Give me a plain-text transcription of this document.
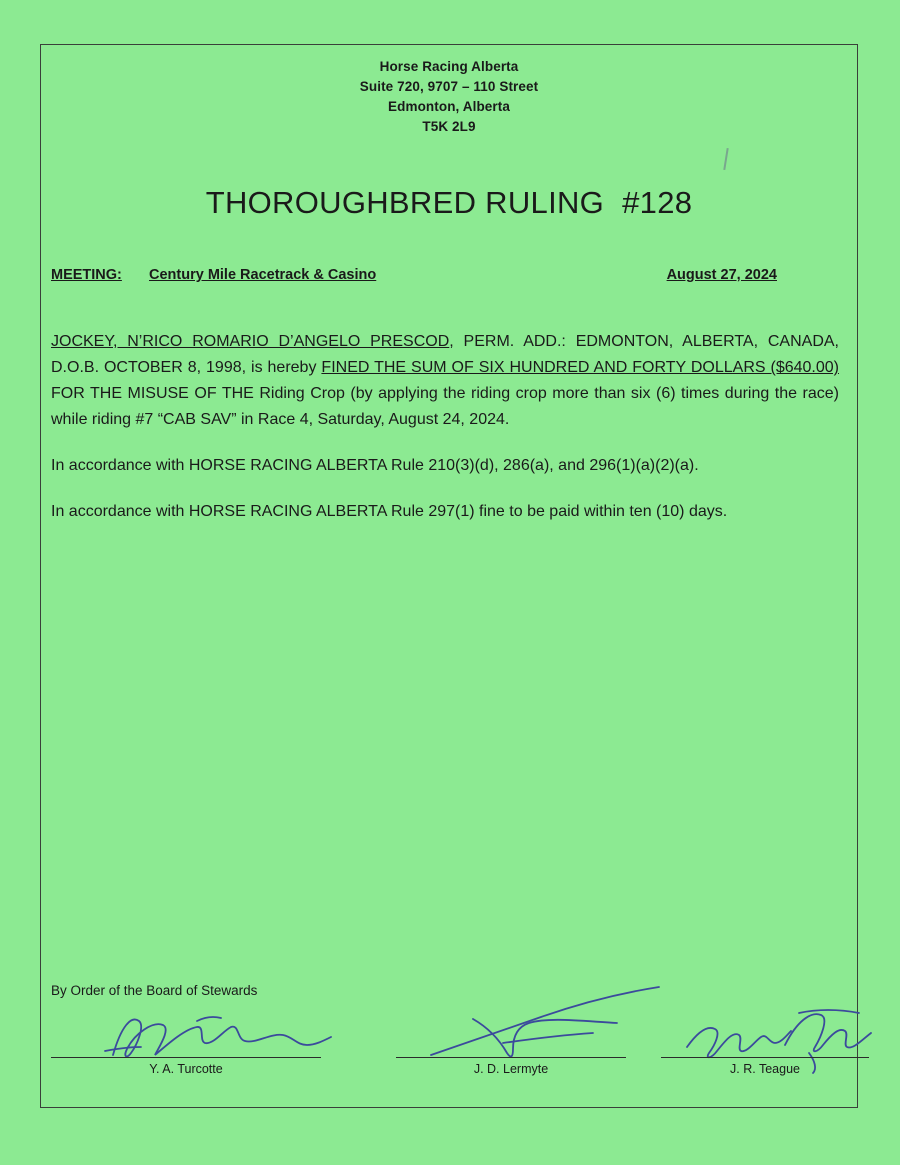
Horse Racing Alberta
Suite 720, 9707 – 110 Street
Edmonton, Alberta
T5K 2L9
THOROUGHBRED RULING #128
MEETING: Century Mile Racetrack & Casino	August 27, 2024

JOCKEY, N’RICO ROMARIO D’ANGELO PRESCOD, PERM. ADD.: EDMONTON, ALBERTA, CANADA, D.O.B. OCTOBER 8, 1998, is hereby FINED THE SUM OF SIX HUNDRED AND FORTY DOLLARS ($640.00) FOR THE MISUSE OF THE Riding Crop (by applying the riding crop more than six (6) times during the race) while riding #7 “CAB SAV” in Race 4, Saturday, August 24, 2024.

In accordance with HORSE RACING ALBERTA Rule 210(3)(d), 286(a), and 296(1)(a)(2)(a).

In accordance with HORSE RACING ALBERTA Rule 297(1) fine to be paid within ten (10) days.

By Order of the Board of Stewards
Y. A. Turcotte	J. D. Lermyte	J. R. Teague
